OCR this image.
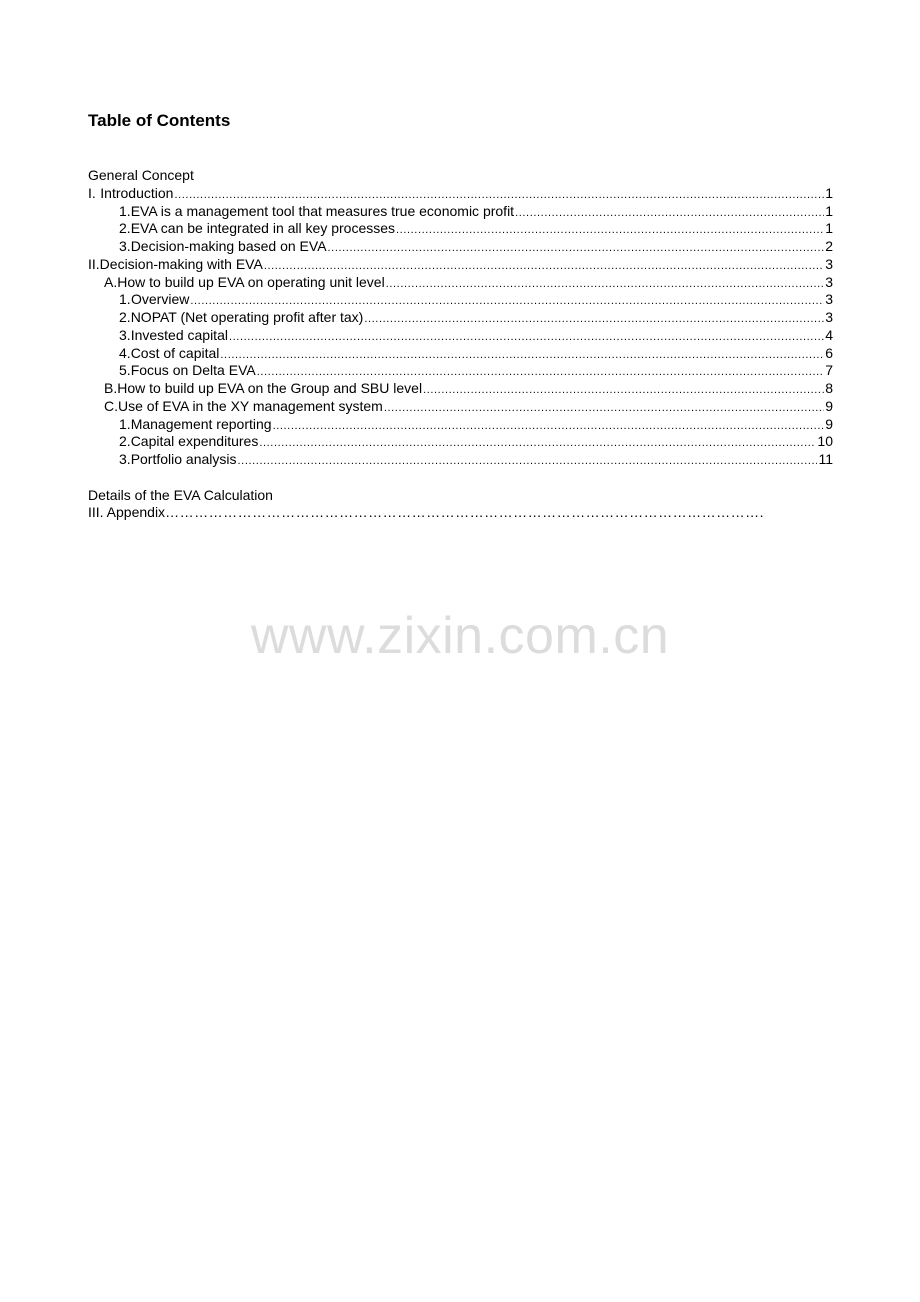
Table of Contents
General Concept
I. Introduction .....	1
1. EVA is a management tool that measures true economic profit .....	1
2. EVA can be integrated in all key processes .....	1
3. Decision-making based on EVA .....	2
II. Decision-making with EVA .....	3
A. How to build up EVA on operating unit level .....	3
1. Overview .....	3
2. NOPAT (Net operating profit after tax) .....	3
3. Invested capital .....	4
4. Cost of capital .....	6
5. Focus on Delta EVA .....	7
B. How to build up EVA on the Group and SBU level .....	8
C. Use of EVA in the XY management system .....	9
1. Management reporting .....	9
2. Capital expenditures .....	10
3. Portfolio analysis .....	11
Details of the EVA Calculation
III. Appendix…………………………………………………………………………………………………………….
www.zixin.com.cn
